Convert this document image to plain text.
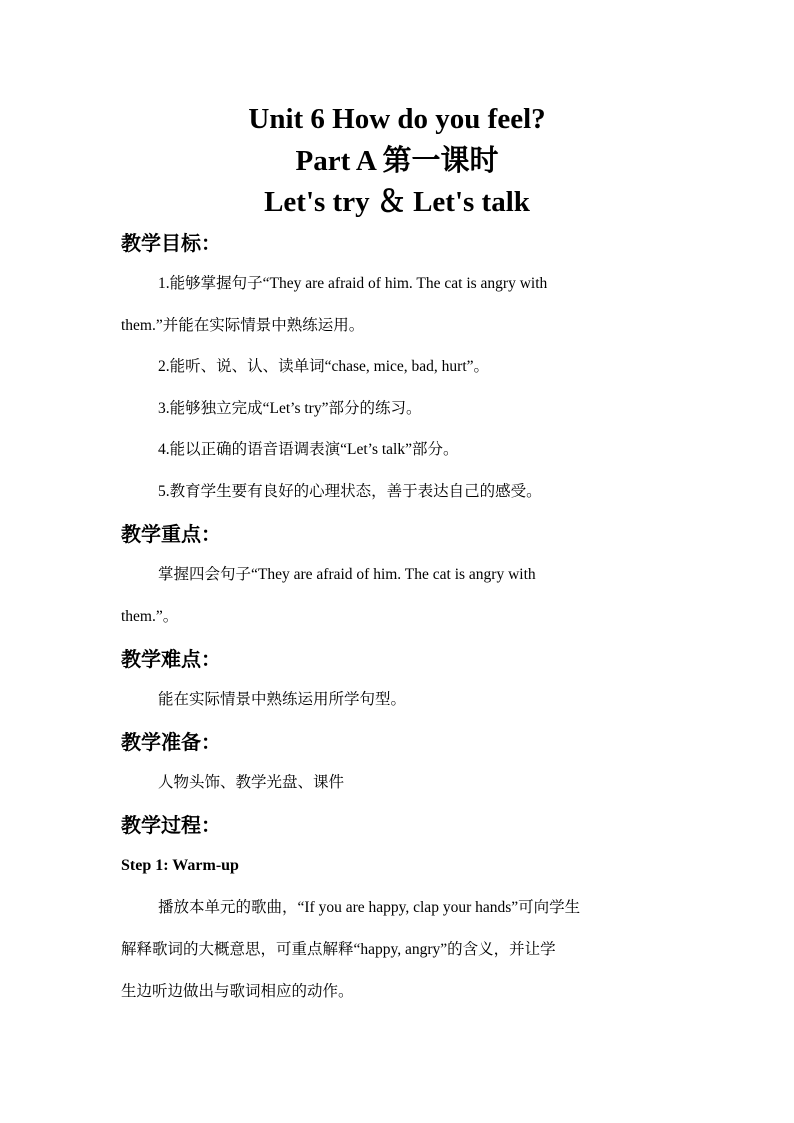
Unit 6 How do you feel?
Part A 第一课时
Let's try ＆ Let's talk
教学目标：
1.能够掌握句子“They are afraid of him. The cat is angry with
them.”并能在实际情景中熟练运用。
2.能听、说、认、读单词“chase, mice, bad, hurt”。
3.能够独立完成“Let’s try”部分的练习。
4.能以正确的语音语调表演“Let’s talk”部分。
5.教育学生要有良好的心理状态，善于表达自己的感受。
教学重点：
掌握四会句子“They are afraid of him. The cat is angry with
them.”。
教学难点：
能在实际情景中熟练运用所学句型。
教学准备：
人物头饰、教学光盘、课件
教学过程：
Step 1: Warm-up
播放本单元的歌曲，“If you are happy, clap your hands”可向学生
解释歌词的大概意思，可重点解释“happy, angry”的含义，并让学
生边听边做出与歌词相应的动作。
